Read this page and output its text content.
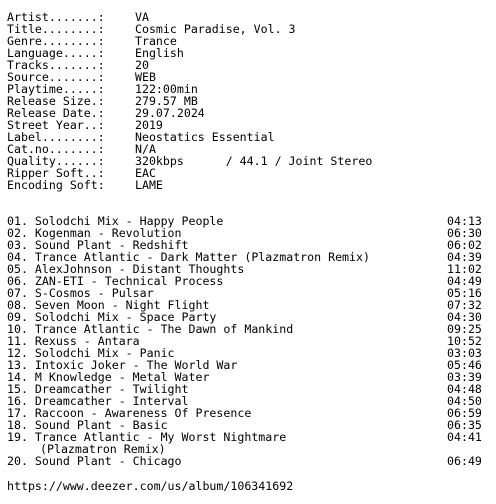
Artist.......: VA
Title........: Cosmic Paradise, Vol. 3
Genre........: Trance
Language.....: English
Tracks.......: 20
Source.......: WEB
Playtime.....: 122:00min
Release Size.: 279.57 MB
Release Date.: 29.07.2024
Street Year..: 2019
Label........: Neostatics Essential
Cat.no.......: N/A
Quality......: 320kbps      / 44.1 / Joint Stereo
Ripper Soft..: EAC
Encoding Soft: LAME
01. Solodchi Mix - Happy People	04:13
02. Kogenman - Revolution	06:30
03. Sound Plant - Redshift	06:02
04. Trance Atlantic - Dark Matter (Plazmatron Remix)	04:39
05. AlexJohnson - Distant Thoughts	11:02
06. ZAN-ETI - Technical Process	04:49
07. S-Cosmos - Pulsar	05:16
08. Seven Moon - Night Flight	07:32
09. Solodchi Mix - Space Party	04:30
10. Trance Atlantic - The Dawn of Mankind	09:25
11. Rexuss - Antara	10:52
12. Solodchi Mix - Panic	03:03
13. Intoxic Joker - The World War	05:46
14. M Knowledge - Metal Water	03:39
15. Dreamcather - Twilight	04:48
16. Dreamcather - Interval	04:50
17. Raccoon - Awareness Of Presence	06:59
18. Sound Plant - Basic	06:35
19. Trance Atlantic - My Worst Nightmare	04:41
(Plazmatron Remix)
20. Sound Plant - Chicago	06:49
https://www.deezer.com/us/album/106341692
